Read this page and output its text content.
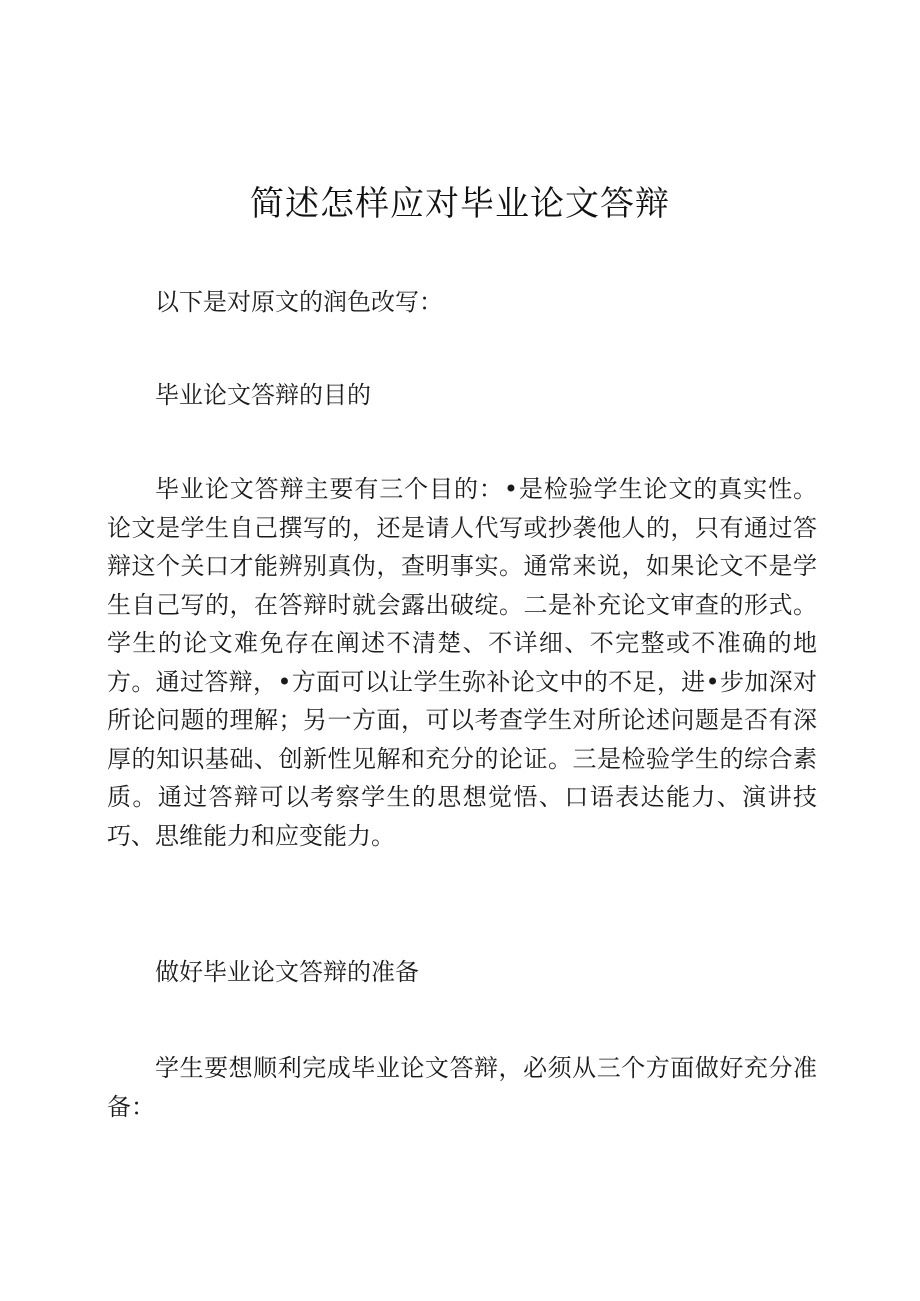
简述怎样应对毕业论文答辩

以下是对原文的润色改写：

毕业论文答辩的目的

毕业论文答辩主要有三个目的：•是检验学生论文的真实性。论文是学生自己撰写的，还是请人代写或抄袭他人的，只有通过答辩这个关口才能辨别真伪，查明事实。通常来说，如果论文不是学生自己写的，在答辩时就会露出破绽。二是补充论文审查的形式。学生的论文难免存在阐述不清楚、不详细、不完整或不准确的地方。通过答辩，•方面可以让学生弥补论文中的不足，进•步加深对所论问题的理解；另一方面，可以考查学生对所论述问题是否有深厚的知识基础、创新性见解和充分的论证。三是检验学生的综合素质。通过答辩可以考察学生的思想觉悟、口语表达能力、演讲技巧、思维能力和应变能力。

做好毕业论文答辩的准备

学生要想顺利完成毕业论文答辩，必须从三个方面做好充分准备：
